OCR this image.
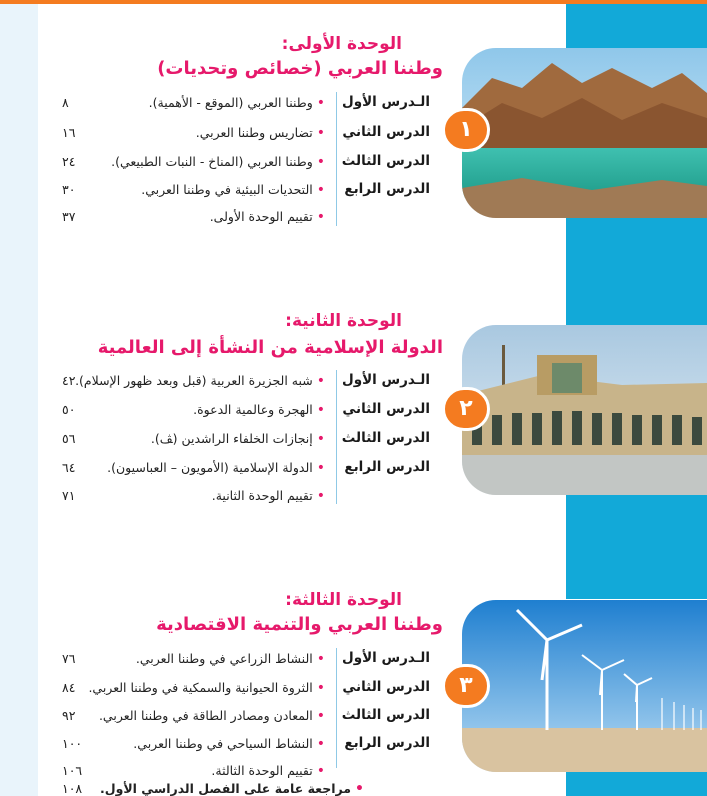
١
٢
٣
الوحدة الأولى:
وطننا العربي (خصائص وتحديات)
الـدرس الأول
•وطننا العربي (الموقع - الأهمية).
٨
الدرس الثاني
•تضاريس وطننا العربي.
١٦
الدرس الثالث
•وطننا العربي (المناخ - النبات الطبيعي).
٢٤
الدرس الرابع
•التحديات البيئية في وطننا العربي.
٣٠
•تقييم الوحدة الأولى.
٣٧
الوحدة الثانية:
الدولة الإسلامية من النشأة إلى العالمية
الـدرس الأول
•شبه الجزيرة العربية (قبل وبعد ظهور الإسلام).
٤٢
الدرس الثاني
•الهجرة وعالمية الدعوة.
٥٠
الدرس الثالث
•إنجازات الخلفاء الراشدين (ﭫ).
٥٦
الدرس الرابع
•الدولة الإسلامية (الأمويون – العباسيون).
٦٤
•تقييم الوحدة الثانية.
٧١
الوحدة الثالثة:
وطننا العربي والتنمية الاقتصادية
الـدرس الأول
•النشاط الزراعي في وطننا العربي.
٧٦
الدرس الثاني
•الثروة الحيوانية والسمكية في وطننا العربي.
٨٤
الدرس الثالث
•المعادن ومصادر الطاقة في وطننا العربي.
٩٢
الدرس الرابع
•النشاط السياحي في وطننا العربي.
١٠٠
•تقييم الوحدة الثالثة.
١٠٦
•مراجعة عامة على الفصل الدراسي الأول.
١٠٨
